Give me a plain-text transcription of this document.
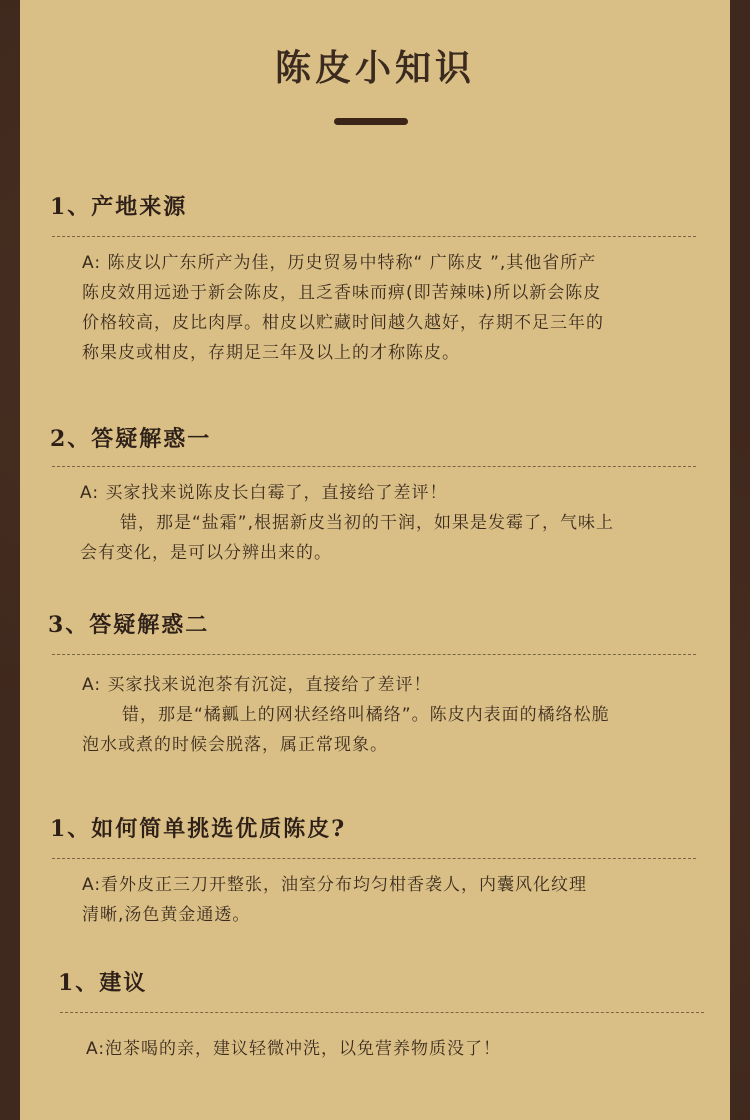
陈皮小知识
1、产地来源
A: 陈皮以广东所产为佳，历史贸易中特称“ 广陈皮 ”,其他省所产
陈皮效用远逊于新会陈皮，且乏香味而痹(即苦辣味)所以新会陈皮
价格较高，皮比肉厚。柑皮以贮藏时间越久越好，存期不足三年的
称果皮或柑皮，存期足三年及以上的才称陈皮。
2、答疑解惑一
A: 买家找来说陈皮长白霉了，直接给了差评！
错，那是“盐霜”,根据新皮当初的干润，如果是发霉了，气味上
会有变化，是可以分辨出来的。
3、答疑解惑二
A: 买家找来说泡茶有沉淀，直接给了差评！
错，那是“橘瓤上的网状经络叫橘络”。陈皮内表面的橘络松脆
泡水或煮的时候会脱落，属正常现象。
1、如何简单挑选优质陈皮?
A:看外皮正三刀开整张，油室分布均匀柑香袭人，内囊风化纹理
清晰,汤色黄金通透。
1、建议
A:泡茶喝的亲，建议轻微冲洗，以免营养物质没了！
